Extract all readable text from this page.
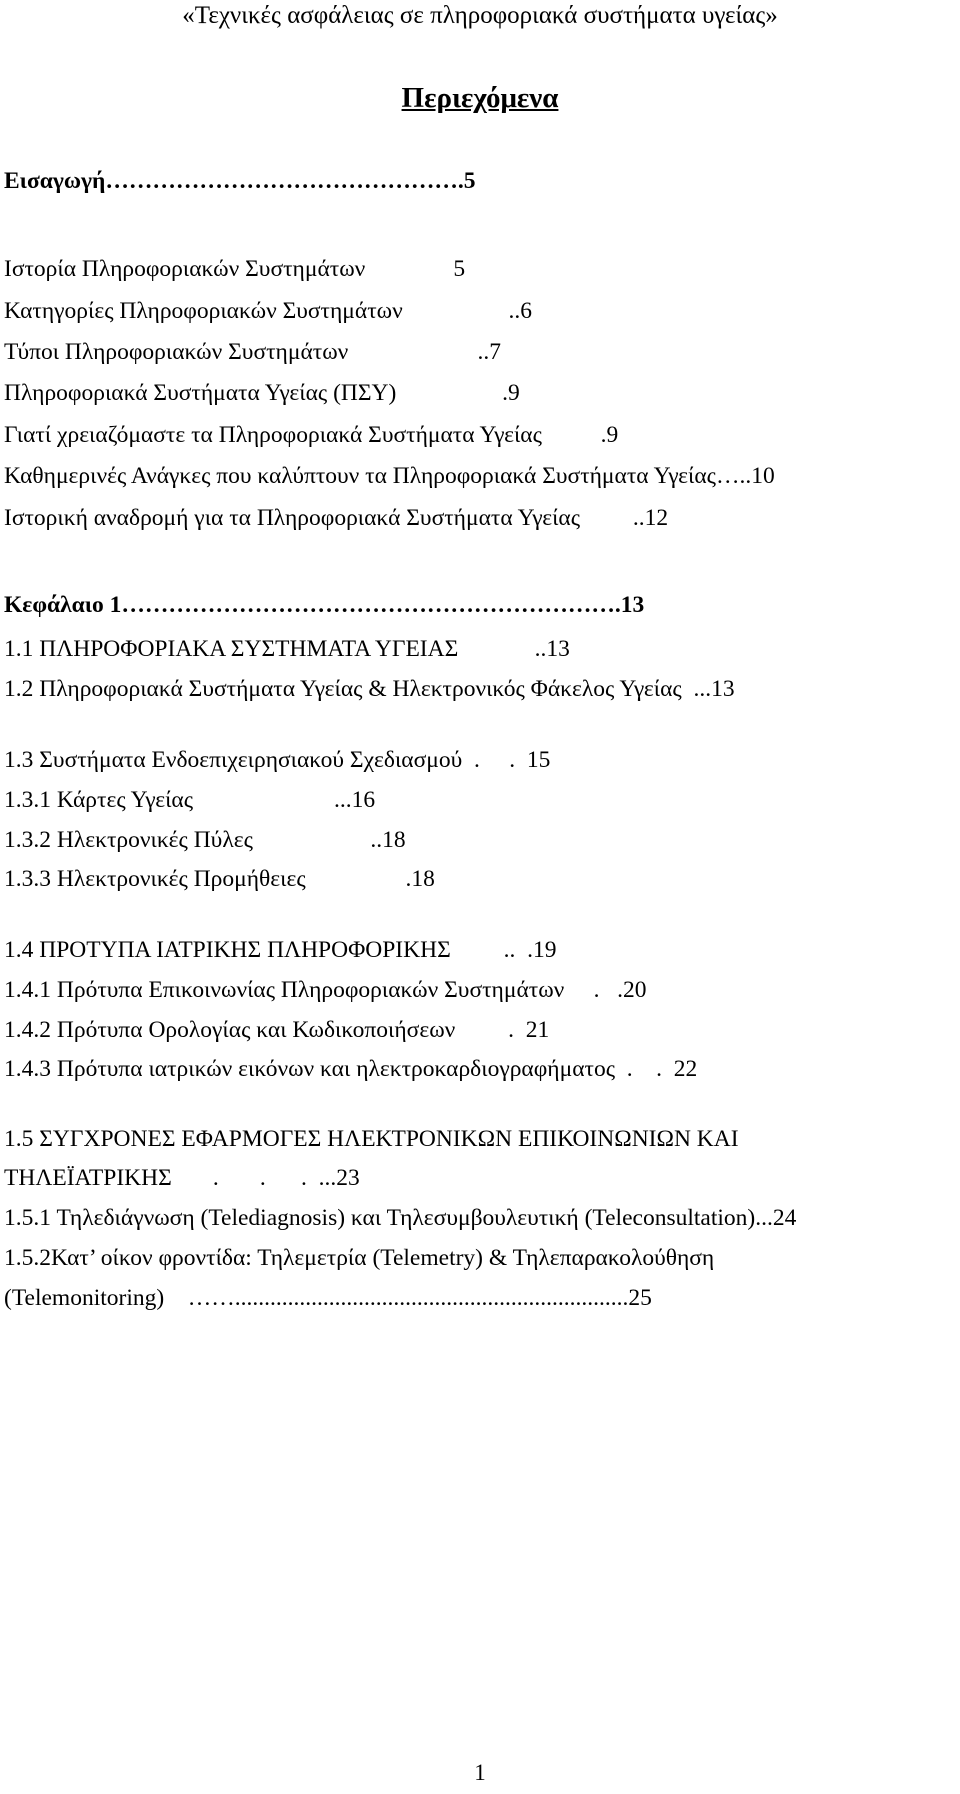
«Τεχνικές ασφάλειας σε πληροφοριακά συστήματα υγείας»
Περιεχόμενα
Εισαγωγή……………………………………….5
Ιστορία Πληροφοριακών Συστημάτων               5
Κατηγορίες Πληροφοριακών Συστημάτων                  ..6
Τύποι Πληροφοριακών Συστημάτων                      ..7
Πληροφοριακά Συστήματα Υγείας (ΠΣΥ)                  .9
Γιατί χρειαζόμαστε τα Πληροφοριακά Συστήματα Υγείας          .9
Καθημερινές Ανάγκες που καλύπτουν τα Πληροφοριακά Συστήματα Υγείας…..10
Ιστορική αναδρομή για τα Πληροφοριακά Συστήματα Υγείας         ..12
Κεφάλαιο 1……………………………………………………….13
1.1 ΠΛΗΡΟΦΟΡΙΑΚΑ ΣΥΣΤΗΜΑΤΑ ΥΓΕΙΑΣ             ..13
1.2 Πληροφοριακά Συστήματα Υγείας & Ηλεκτρονικός Φάκελος Υγείας  ...13
1.3 Συστήματα Ενδοεπιχειρησιακού Σχεδιασμού  .     .  15
1.3.1 Κάρτες Υγείας                        ...16
1.3.2 Ηλεκτρονικές Πύλες                    ..18
1.3.3 Ηλεκτρονικές Προμήθειες                 .18
1.4 ΠΡΟΤΥΠΑ ΙΑΤΡΙΚΗΣ ΠΛΗΡΟΦΟΡΙΚΗΣ         ..  .19
1.4.1 Πρότυπα Επικοινωνίας Πληροφοριακών Συστημάτων     .   .20
1.4.2 Πρότυπα Ορολογίας και Κωδικοποιήσεων         .  21
1.4.3 Πρότυπα ιατρικών εικόνων και ηλεκτροκαρδιογραφήματος  .    .  22
1.5 ΣΥΓΧΡΟΝΕΣ ΕΦΑΡΜΟΓΕΣ ΗΛΕΚΤΡΟΝΙΚΩΝ ΕΠΙΚΟΙΝΩΝΙΩΝ ΚΑΙ
ΤΗΛΕΪΑΤΡΙΚΗΣ       .       .      .  ...23
1.5.1 Τηλεδιάγνωση (Telediagnosis) και Τηλεσυμβουλευτική (Teleconsultation)...24
1.5.2Κατ’ οίκον φροντίδα: Τηλεμετρία (Telemetry) & Τηλεπαρακολούθηση
(Telemonitoring)    ……...................................................................25
1
